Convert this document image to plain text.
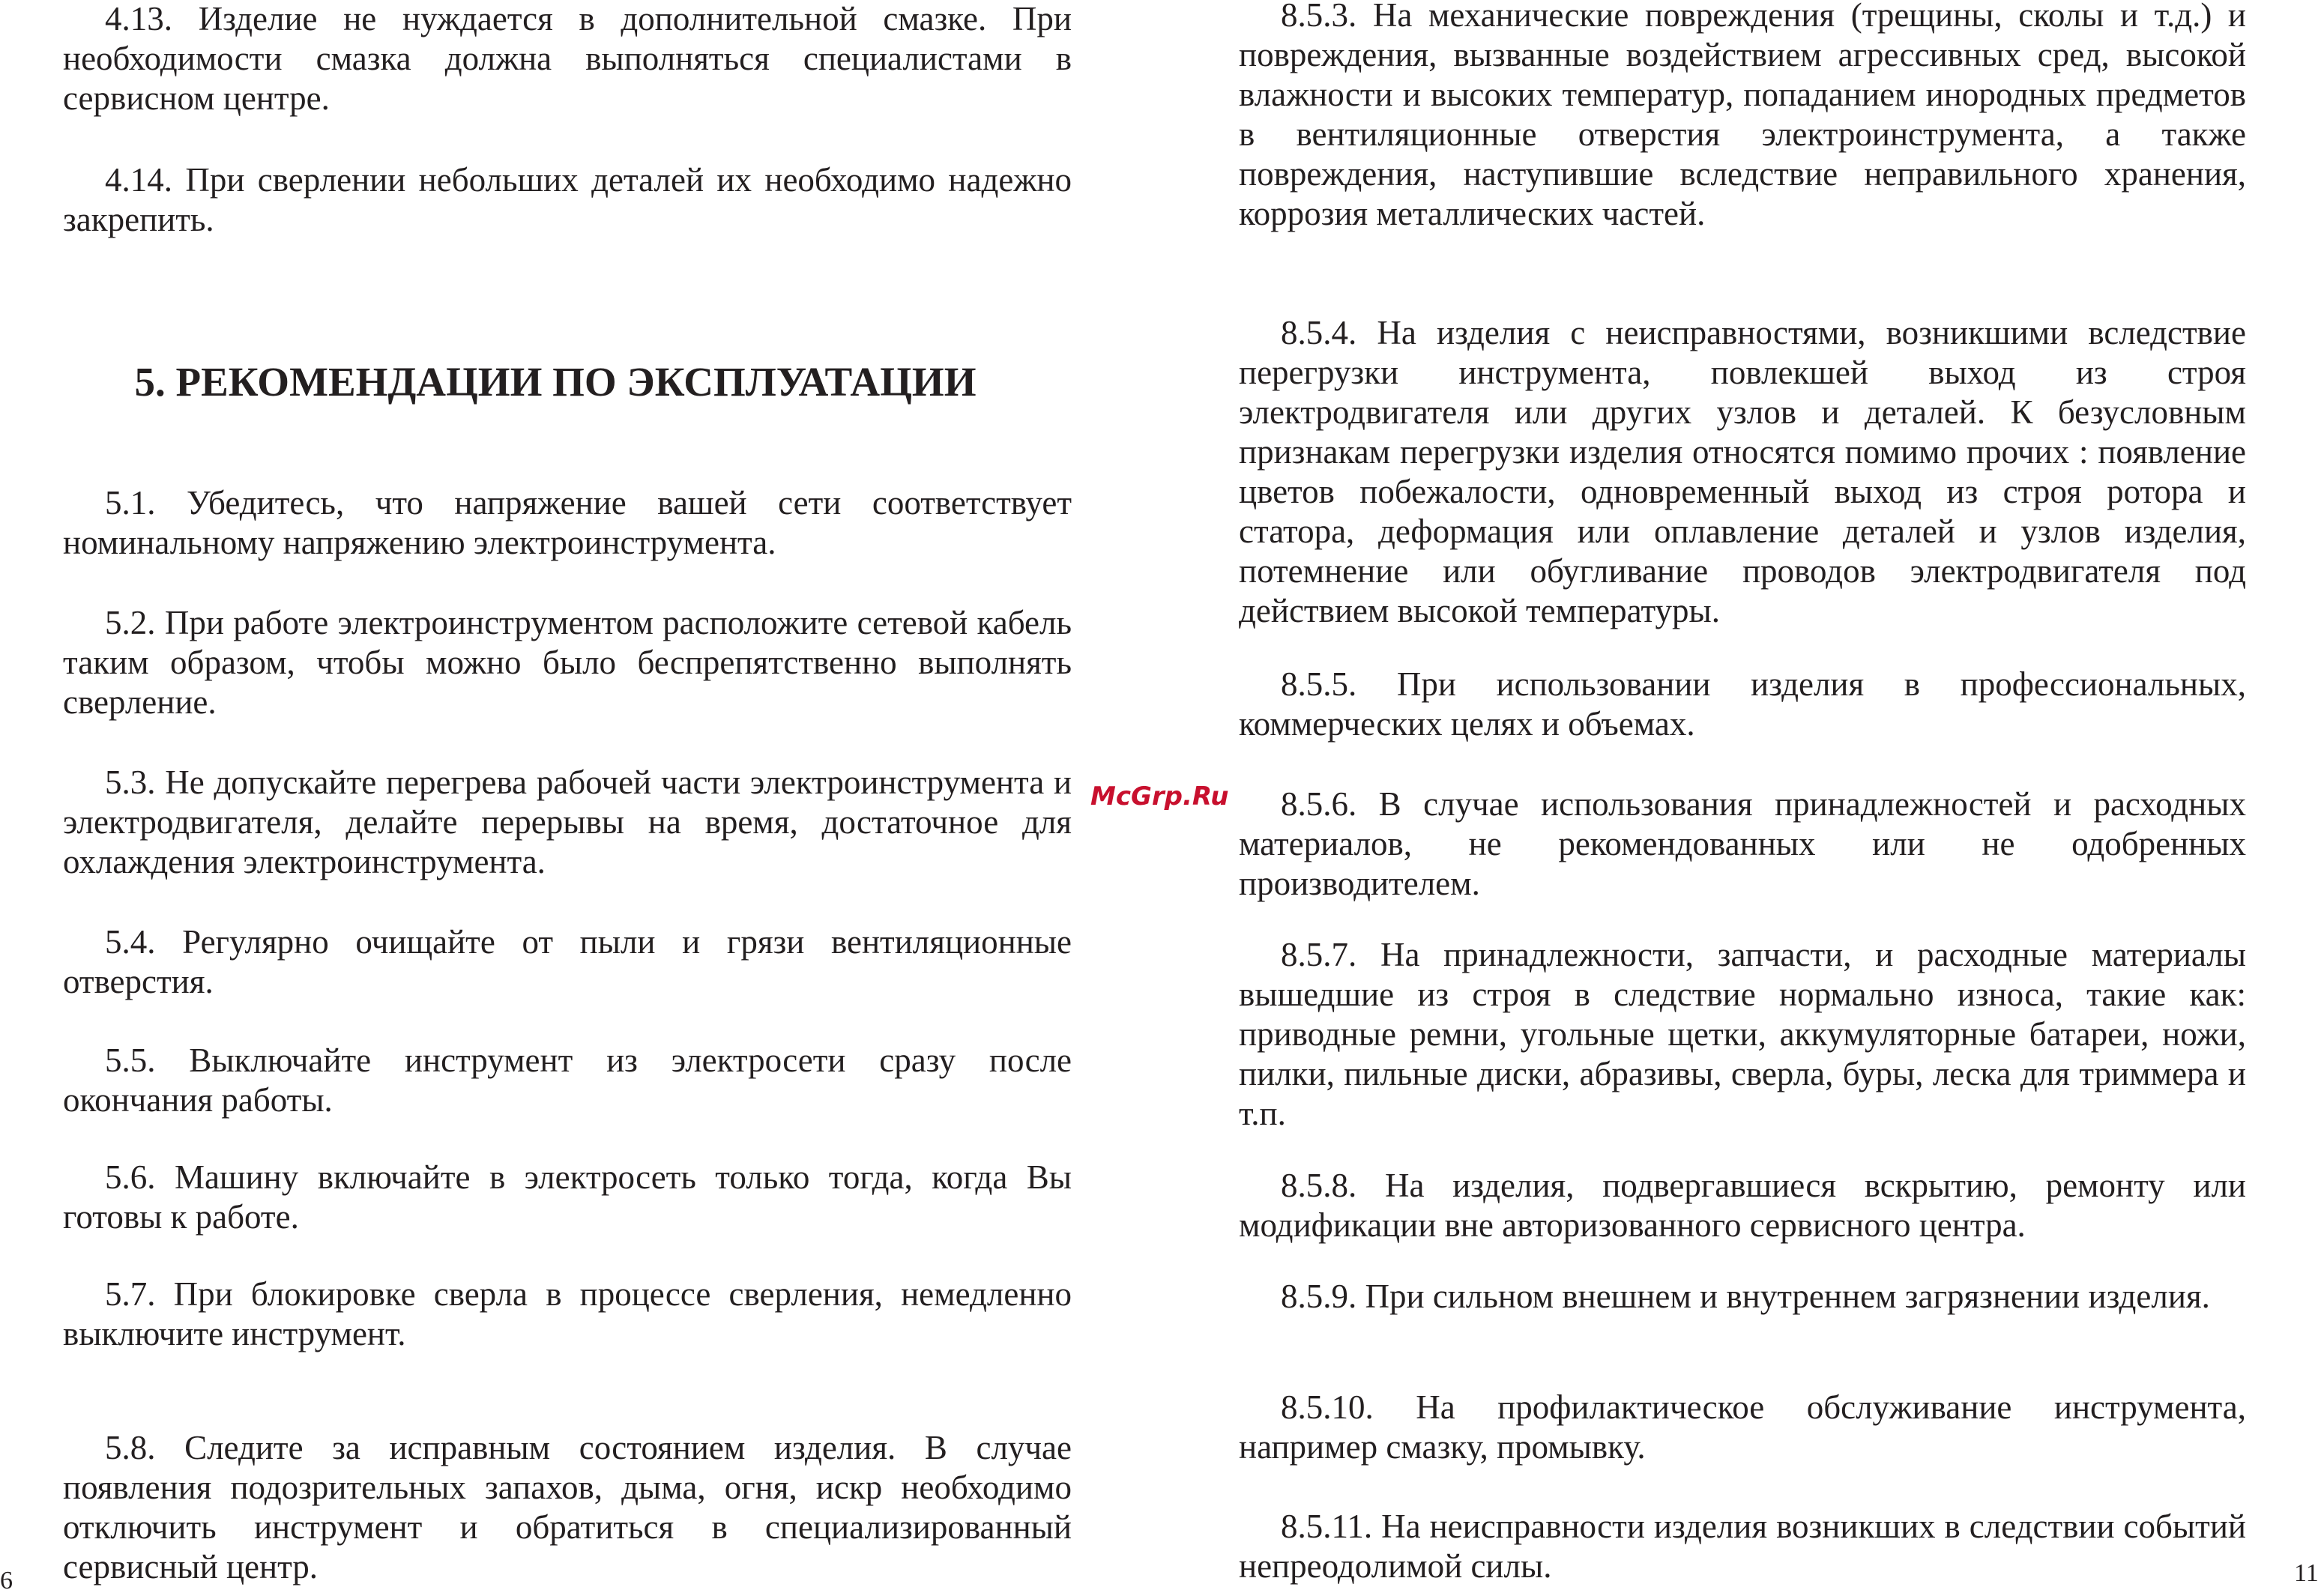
4.13. Изделие не нуждается в дополнительной смазке. При необходимости смазка должна выполняться специалистами в сервисном центре.

4.14. При сверлении небольших деталей их необходимо надежно закрепить.

5. РЕКОМЕНДАЦИИ ПО ЭКСПЛУАТАЦИИ

5.1. Убедитесь, что напряжение вашей сети соответствует номинальному напряжению электроинструмента.

5.2. При работе электроинструментом расположите сетевой кабель таким образом, чтобы можно было беспрепятственно выполнять сверление.

5.3. Не допускайте перегрева рабочей части электроинструмента и электродвигателя, делайте перерывы на время, достаточное для охлаждения электроинструмента.

5.4. Регулярно очищайте от пыли и грязи вентиляционные отверстия.

5.5. Выключайте инструмент из электросети сразу после окончания работы.

5.6. Машину включайте в электросеть только тогда, когда Вы готовы к работе.

5.7. При блокировке сверла в процессе сверления, немедленно выключите инструмент.

5.8. Следите за исправным состоянием изделия. В случае появления подозрительных запахов, дыма, огня, искр необходимо отключить инструмент и обратиться в специализированный сервисный центр.

6
McGrp.Ru

8.5.3. На механические повреждения (трещины, сколы и т.д.) и повреждения, вызванные воздействием агрессивных сред, высокой влажности и высоких температур, попаданием инородных предметов в вентиляционные отверстия электроинструмента, а также повреждения, наступившие вследствие неправильного хранения, коррозия металлических частей.

8.5.4. На изделия с неисправностями, возникшими вследствие перегрузки инструмента, повлекшей выход из строя электродвигателя или других узлов и деталей. К безусловным признакам перегрузки изделия относятся помимо прочих : появление цветов побежалости, одновременный выход из строя ротора и статора, деформация или оплавление деталей и узлов изделия, потемнение или обугливание проводов электродвигателя под действием высокой температуры.

8.5.5. При использовании изделия в профессиональных, коммерческих целях и объемах.

8.5.6. В случае использования принадлежностей и расходных материалов, не рекомендованных или не одобренных производителем.

8.5.7. На принадлежности, запчасти, и расходные материалы вышедшие из строя в следствие нормально износа, такие как: приводные ремни, угольные щетки, аккумуляторные батареи, ножи, пилки, пильные диски, абразивы, сверла, буры, леска для триммера и т.п.

8.5.8. На изделия, подвергавшиеся вскрытию, ремонту или модификации вне авторизованного сервисного центра.

8.5.9. При сильном внешнем и внутреннем загрязнении изделия.

8.5.10. На профилактическое обслуживание инструмента, например смазку, промывку.

8.5.11. На неисправности изделия возникших в следствии событий непреодолимой силы.	11
